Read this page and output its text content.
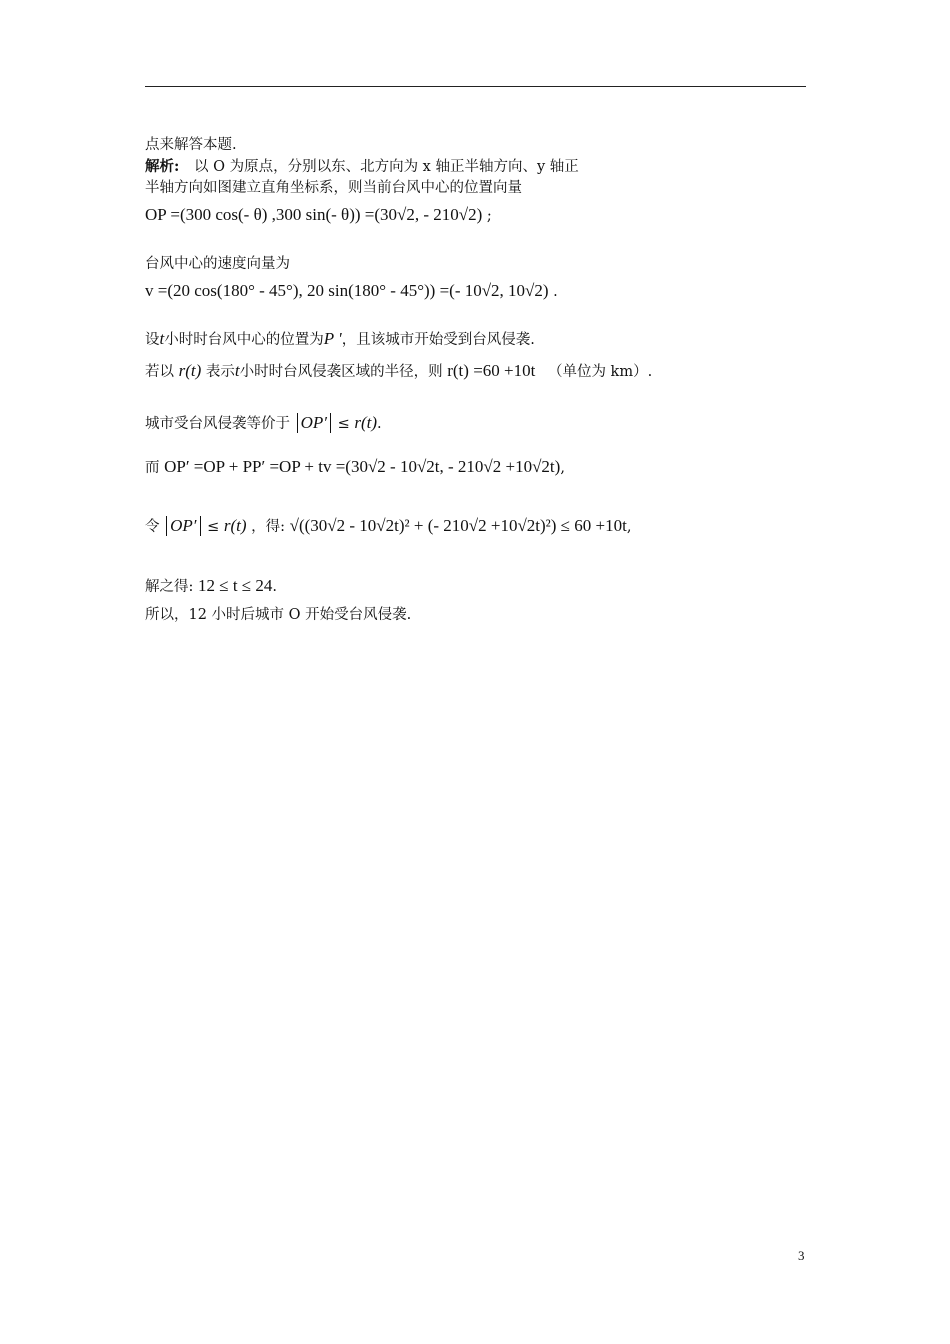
点来解答本题.
解析: 以 O 为原点，分别以东、北方向为 x 轴正半轴方向、y 轴正
半轴方向如图建立直角坐标系，则当前台风中心的位置向量
OP =(300 cos(- θ) ,300 sin(- θ)) =(30√2, - 210√2) ;
台风中心的速度向量为
v =(20 cos(180° - 45°), 20 sin(180° - 45°)) =(- 10√2, 10√2) .
设t小时时台风中心的位置为P '，且该城市开始受到台风侵袭.
若以 r(t) 表示t小时时台风侵袭区域的半径，则 r(t) =60 +10t （单位为 km）.
城市受台风侵袭等价于 OP′ ≤ r(t).
而 OP′ =OP + PP′ =OP + tv =(30√2 - 10√2t, - 210√2 +10√2t),
令 OP′ ≤ r(t) ，得: √((30√2 - 10√2t)² + (- 210√2 +10√2t)²) ≤ 60 +10t,
解之得: 12 ≤ t ≤ 24.
所以，12 小时后城市 O 开始受台风侵袭.
3
